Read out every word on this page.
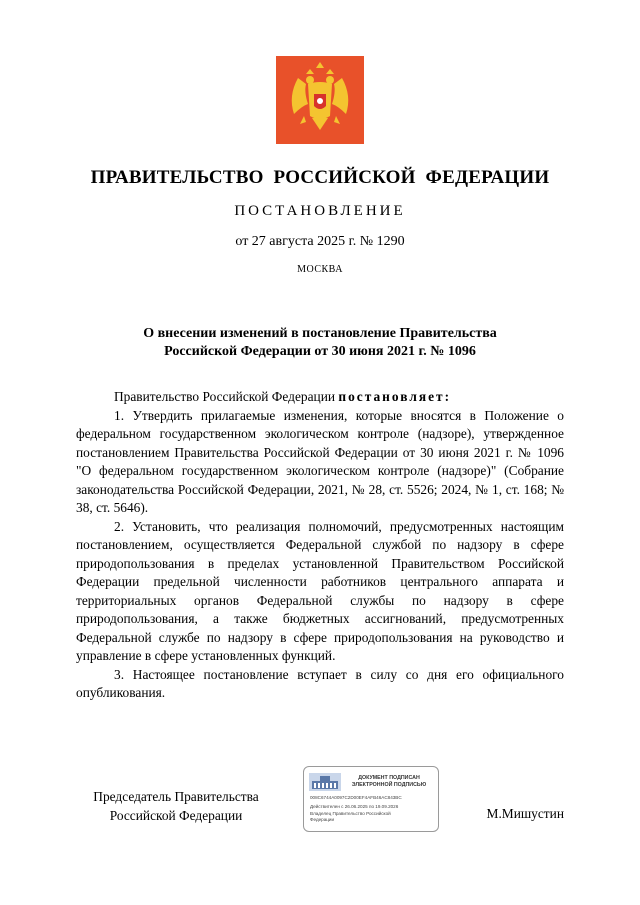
ПРАВИТЕЛЬСТВО РОССИЙСКОЙ ФЕДЕРАЦИИ
ПОСТАНОВЛЕНИЕ
от 27 августа 2025 г. № 1290
МОСКВА
О внесении изменений в постановление Правительства
Российской Федерации от 30 июня 2021 г. № 1096

Правительство Российской Федерации постановляет:

1. Утвердить прилагаемые изменения, которые вносятся в Положение о федеральном государственном экологическом контроле (надзоре), утвержденное постановлением Правительства Российской Федерации от 30 июня 2021 г. № 1096 "О федеральном государственном экологическом контроле (надзоре)" (Собрание законодательства Российской Федерации, 2021, № 28, ст. 5526; 2024, № 1, ст. 168; № 38, ст. 5646).

2. Установить, что реализация полномочий, предусмотренных настоящим постановлением, осуществляется Федеральной службой по надзору в сфере природопользования в пределах установленной Правительством Российской Федерации предельной численности работников центрального аппарата и территориальных органов Федеральной службы по надзору в сфере природопользования, а также бюджетных ассигнований, предусмотренных Федеральной службе по надзору в сфере природопользования на руководство и управление в сфере установленных функций.

3. Настоящее постановление вступает в силу со дня его официального опубликования.

Председатель Правительства
Российской Федерации
ДОКУМЕНТ ПОДПИСАН
ЭЛЕКТРОННОЙ ПОДПИСЬЮ
008C6744A0097C2D00EF4AFB46AC843BC
Действителен с 26.06.2025 по 19.09.2026
Владелец Правительство Российской
Федерации	М.Мишустин
